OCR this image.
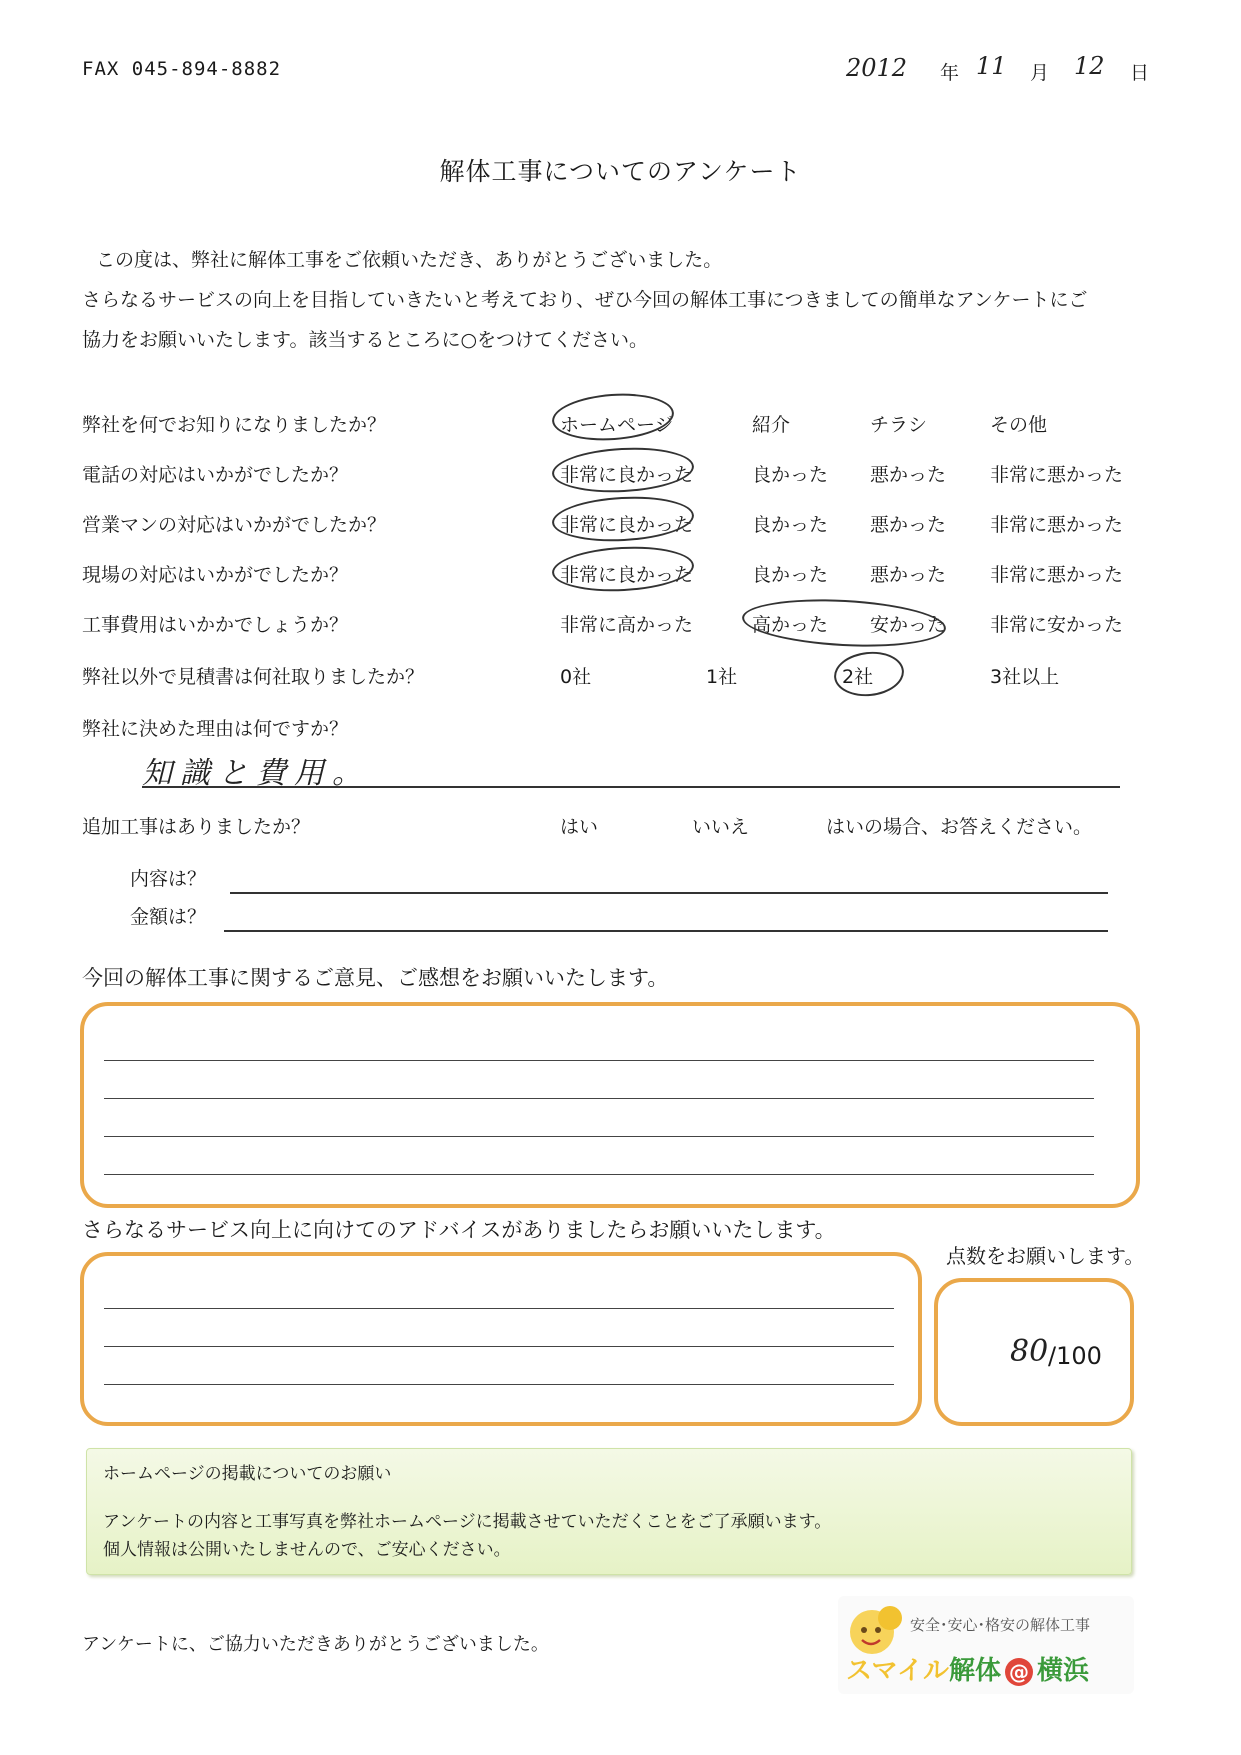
FAX 045-894-8882	2012 年 11 月 12 日
解体工事についてのアンケート
この度は、弊社に解体工事をご依頼いただき、ありがとうございました。
さらなるサービスの向上を目指していきたいと考えており、ぜひ今回の解体工事につきましての簡単なアンケートにご
協力をお願いいたします。該当するところに○をつけてください。
弊社を何でお知りになりましたか？	ホームページ	紹介	チラシ	その他
電話の対応はいかがでしたか？	非常に良かった	良かった 悪かった 非常に悪かった
営業マンの対応はいかがでしたか？	非常に良かった	良かった 悪かった 非常に悪かった
現場の対応はいかがでしたか？	非常に良かった	良かった 悪かった 非常に悪かった
工事費用はいかかでしょうか？	非常に高かった	高かった 安かった 非常に安かった
弊社以外で見積書は何社取りましたか？	0社	1社	2社	3社以上
弊社に決めた理由は何ですか？
知識と費用。
追加工事はありましたか？	はい	いいえ	はいの場合、お答えください。
内容は？
金額は？
今回の解体工事に関するご意見、ご感想をお願いいたします。
さらなるサービス向上に向けてのアドバイスがありましたらお願いいたします。
点数をお願いします。
80 /100
ホームページの掲載についてのお願い
アンケートの内容と工事写真を弊社ホームページに掲載させていただくことをご了承願います。
個人情報は公開いたしませんので、ご安心ください。
アンケートに、ご協力いただきありがとうございました。
安全･安心･格安の解体工事
スマイル解体 @ 横浜
